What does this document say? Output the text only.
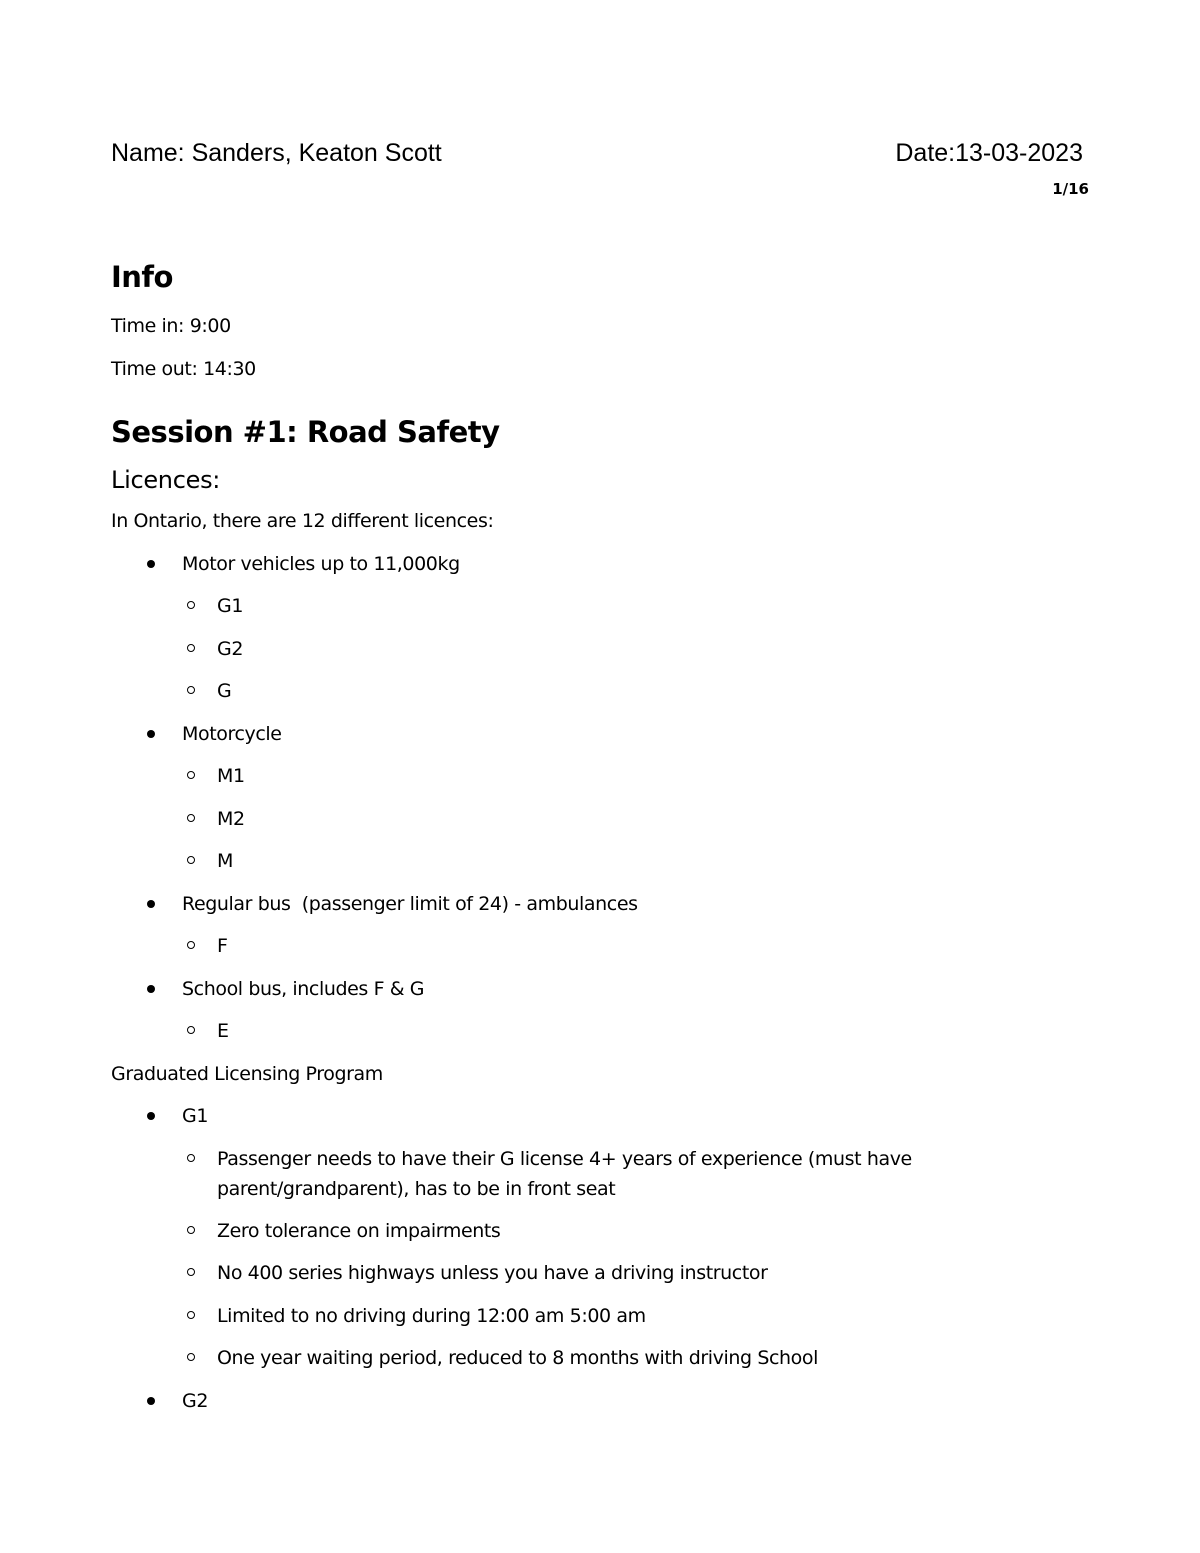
Name: Sanders, Keaton Scott	Date:13-03-2023
1/16
Info

Time in: 9:00

Time out: 14:30

Session #1: Road Safety
Licences:

In Ontario, there are 12 different licences:

Motor vehicles up to 11,000kg
G1
G2
G
Motorcycle
M1
M2
M
Regular bus  (passenger limit of 24) - ambulances
F
School bus, includes F & G
E

Graduated Licensing Program

G1
Passenger needs to have their G license 4+ years of experience (must have parent/grandparent), has to be in front seat
Zero tolerance on impairments
No 400 series highways unless you have a driving instructor
Limited to no driving during 12:00 am 5:00 am
One year waiting period, reduced to 8 months with driving School
G2
